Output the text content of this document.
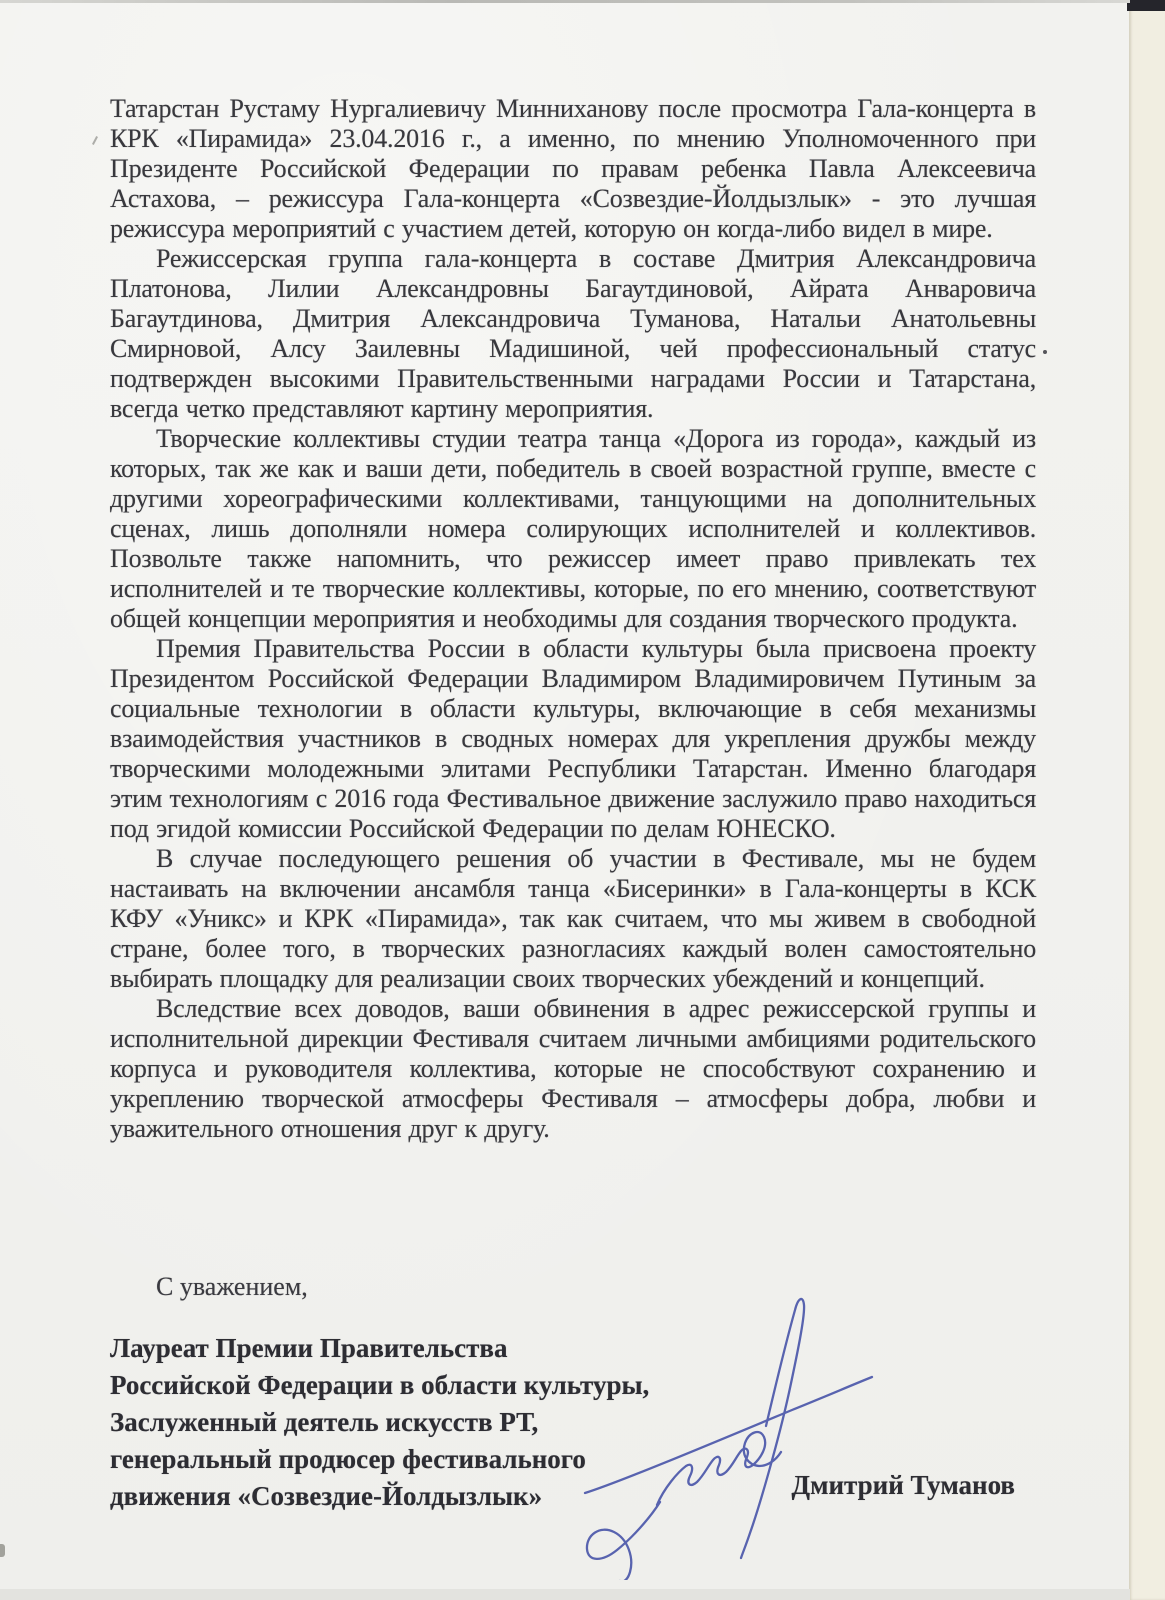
Татарстан Рустаму Нургалиевичу Минниханову после просмотра Гала-концерта в КРК «Пирамида» 23.04.2016 г., а именно, по мнению Уполномоченного при Президенте Российской Федерации по правам ребенка Павла Алексеевича Астахова, – режиссура Гала-концерта «Созвездие-Йолдызлык» - это лучшая режиссура мероприятий с участием детей, которую он когда-либо видел в мире.

Режиссерская группа гала-концерта в составе Дмитрия Александровича Платонова, Лилии Александровны Багаутдиновой, Айрата Анваровича Багаутдинова, Дмитрия Александровича Туманова, Натальи Анатольевны Смирновой, Алсу Заилевны Мадишиной, чей профессиональный статус подтвержден высокими Правительственными наградами России и Татарстана, всегда четко представляют картину мероприятия.

Творческие коллективы студии театра танца «Дорога из города», каждый из которых, так же как и ваши дети, победитель в своей возрастной группе, вместе с другими хореографическими коллективами, танцующими на дополнительных сценах, лишь дополняли номера солирующих исполнителей и коллективов. Позвольте также напомнить, что режиссер имеет право привлекать тех исполнителей и те творческие коллективы, которые, по его мнению, соответствуют общей концепции мероприятия и необходимы для создания творческого продукта.

Премия Правительства России в области культуры была присвоена проекту Президентом Российской Федерации Владимиром Владимировичем Путиным за социальные технологии в области культуры, включающие в себя механизмы взаимодействия участников в сводных номерах для укрепления дружбы между творческими молодежными элитами Республики Татарстан. Именно благодаря этим технологиям с 2016 года Фестивальное движение заслужило право находиться под эгидой комиссии Российской Федерации по делам ЮНЕСКО.

В случае последующего решения об участии в Фестивале, мы не будем настаивать на включении ансамбля танца «Бисеринки» в Гала-концерты в КСК КФУ «Уникс» и КРК «Пирамида», так как считаем, что мы живем в свободной стране, более того, в творческих разногласиях каждый волен самостоятельно выбирать площадку для реализации своих творческих убеждений и концепций.

Вследствие всех доводов, ваши обвинения в адрес режиссерской группы и исполнительной дирекции Фестиваля считаем личными амбициями родительского корпуса и руководителя коллектива, которые не способствуют сохранению и укреплению творческой атмосферы Фестиваля – атмосферы добра, любви и уважительного отношения друг к другу.

С уважением,
Лауреат Премии Правительства
Российской Федерации в области культуры,
Заслуженный деятель искусств РТ,
генеральный продюсер фестивального
движения «Созвездие-Йолдызлык»	Дмитрий Туманов
